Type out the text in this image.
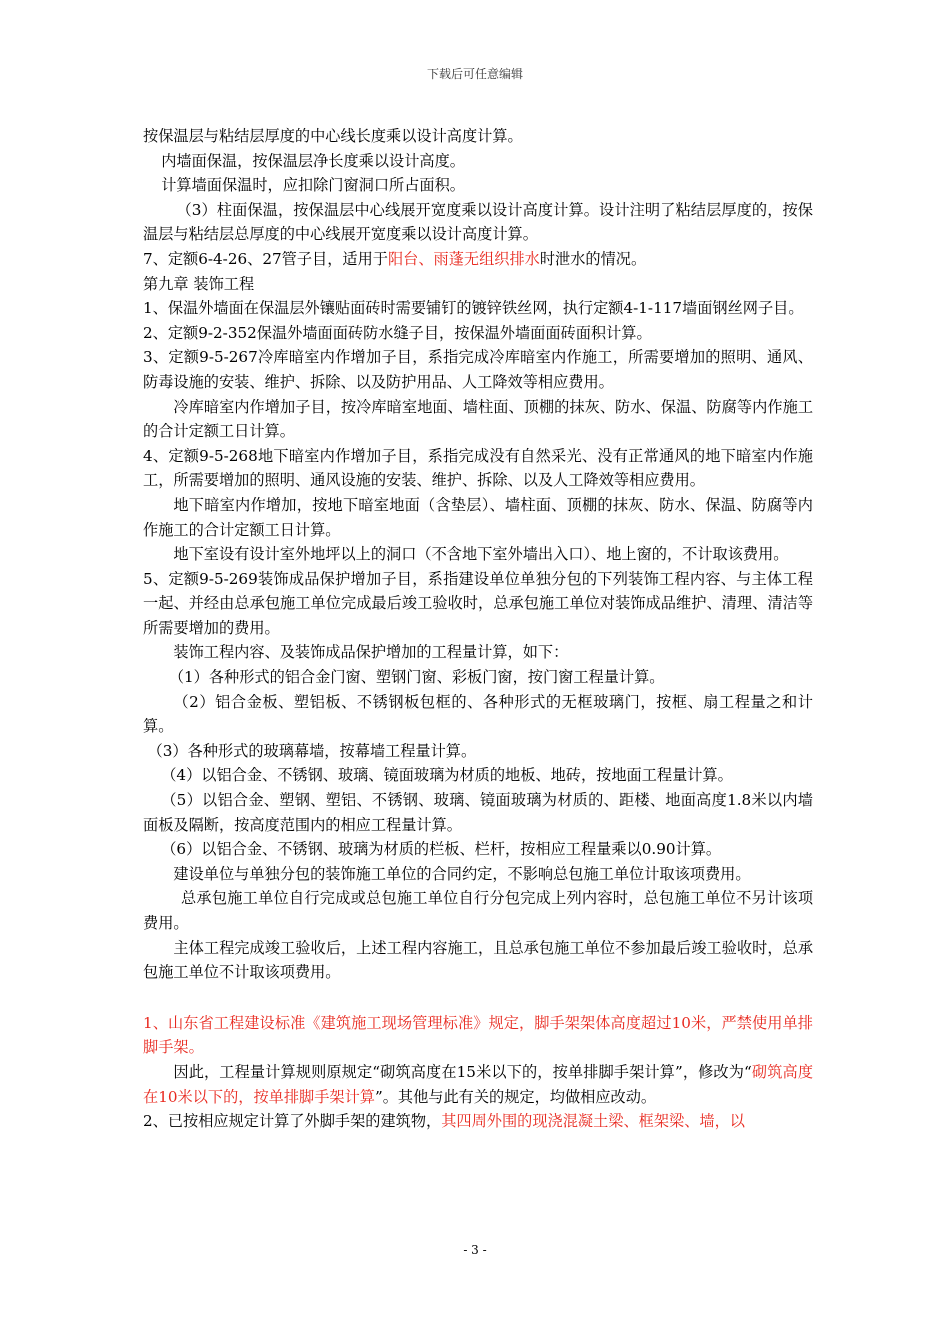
下载后可任意编辑

按保温层与粘结层厚度的中心线长度乘以设计高度计算。

内墙面保温，按保温层净长度乘以设计高度。

计算墙面保温时，应扣除门窗洞口所占面积。

（3）柱面保温，按保温层中心线展开宽度乘以设计高度计算。设计注明了粘结层厚度的，按保温层与粘结层总厚度的中心线展开宽度乘以设计高度计算。

7、定额6-4-26、27管子目，适用于阳台、雨蓬无组织排水时泄水的情况。

第九章 装饰工程

1、保温外墙面在保温层外镶贴面砖时需要铺钉的镀锌铁丝网，执行定额4-1-117墙面钢丝网子目。

2、定额9-2-352保温外墙面面砖防水缝子目，按保温外墙面面砖面积计算。

3、定额9-5-267冷库暗室内作增加子目，系指完成冷库暗室内作施工，所需要增加的照明、通风、防毒设施的安装、维护、拆除、以及防护用品、人工降效等相应费用。

冷库暗室内作增加子目，按冷库暗室地面、墙柱面、顶棚的抹灰、防水、保温、防腐等内作施工的合计定额工日计算。

4、定额9-5-268地下暗室内作增加子目，系指完成没有自然采光、没有正常通风的地下暗室内作施工，所需要增加的照明、通风设施的安装、维护、拆除、以及人工降效等相应费用。

地下暗室内作增加，按地下暗室地面（含垫层）、墙柱面、顶棚的抹灰、防水、保温、防腐等内作施工的合计定额工日计算。

地下室设有设计室外地坪以上的洞口（不含地下室外墙出入口）、地上窗的，不计取该费用。

5、定额9-5-269装饰成品保护增加子目，系指建设单位单独分包的下列装饰工程内容、与主体工程一起、并经由总承包施工单位完成最后竣工验收时，总承包施工单位对装饰成品维护、清理、清洁等所需要增加的费用。

装饰工程内容、及装饰成品保护增加的工程量计算，如下：

（1）各种形式的铝合金门窗、塑钢门窗、彩板门窗，按门窗工程量计算。

（2）铝合金板、塑铝板、不锈钢板包框的、各种形式的无框玻璃门，按框、扇工程量之和计算。

（3）各种形式的玻璃幕墙，按幕墙工程量计算。

（4）以铝合金、不锈钢、玻璃、镜面玻璃为材质的地板、地砖，按地面工程量计算。

（5）以铝合金、塑钢、塑铝、不锈钢、玻璃、镜面玻璃为材质的、距楼、地面高度1.8米以内墙面板及隔断，按高度范围内的相应工程量计算。

（6）以铝合金、不锈钢、玻璃为材质的栏板、栏杆，按相应工程量乘以0.90计算。

建设单位与单独分包的装饰施工单位的合同约定，不影响总包施工单位计取该项费用。

总承包施工单位自行完成或总包施工单位自行分包完成上列内容时，总包施工单位不另计该项费用。

主体工程完成竣工验收后，上述工程内容施工，且总承包施工单位不参加最后竣工验收时，总承包施工单位不计取该项费用。

1、山东省工程建设标准《建筑施工现场管理标准》规定，脚手架架体高度超过10米，严禁使用单排脚手架。

因此，工程量计算规则原规定“砌筑高度在15米以下的，按单排脚手架计算”，修改为“砌筑高度在10米以下的，按单排脚手架计算”。其他与此有关的规定，均做相应改动。

2、已按相应规定计算了外脚手架的建筑物，其四周外围的现浇混凝土梁、框架梁、墙，以

- 3 -
